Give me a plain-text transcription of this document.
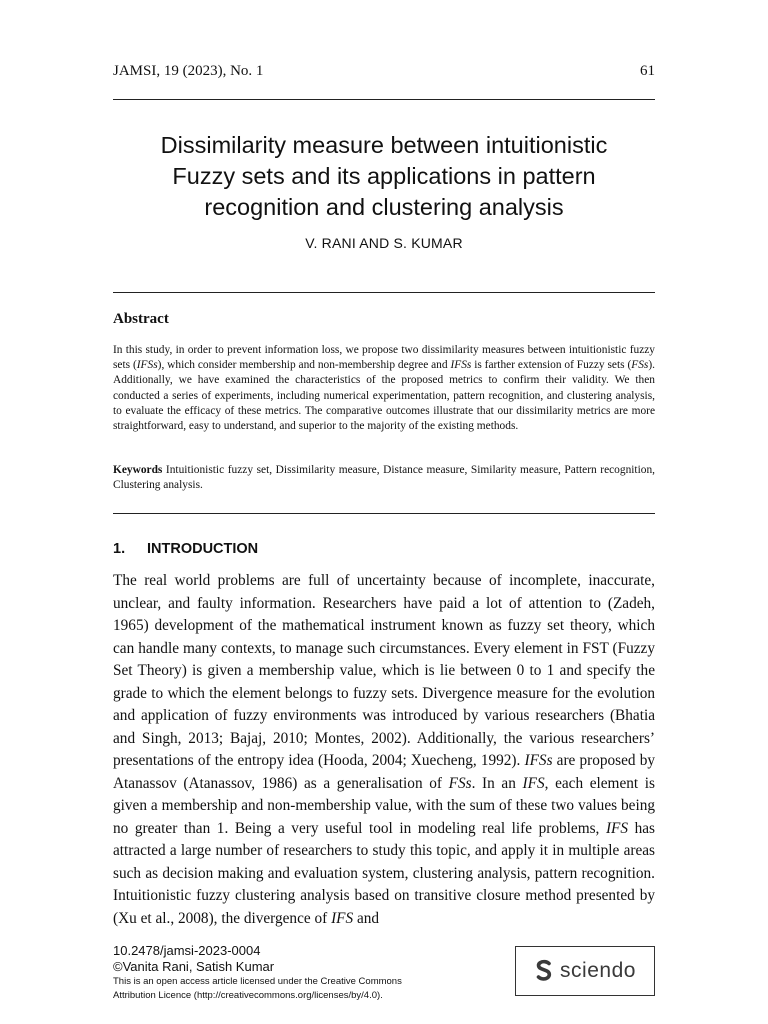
JAMSI, 19 (2023), No. 1	61
Dissimilarity measure between intuitionistic
Fuzzy sets and its applications in pattern
recognition and clustering analysis
V. RANI AND S. KUMAR
Abstract
In this study, in order to prevent information loss, we propose two dissimilarity measures between intuitionistic fuzzy sets (IFSs), which consider membership and non-membership degree and IFSs is farther extension of Fuzzy sets (FSs). Additionally, we have examined the characteristics of the proposed metrics to confirm their validity. We then conducted a series of experiments, including numerical experimentation, pattern recognition, and clustering analysis, to evaluate the efficacy of these metrics. The comparative outcomes illustrate that our dissimilarity metrics are more straightforward, easy to understand, and superior to the majority of the existing methods.
Keywords Intuitionistic fuzzy set, Dissimilarity measure, Distance measure, Similarity measure, Pattern recognition, Clustering analysis.
1. INTRODUCTION
The real world problems are full of uncertainty because of incomplete, inaccurate, unclear, and faulty information. Researchers have paid a lot of attention to (Zadeh, 1965) development of the mathematical instrument known as fuzzy set theory, which can handle many contexts, to manage such circumstances. Every element in FST (Fuzzy Set Theory) is given a membership value, which is lie between 0 to 1 and specify the grade to which the element belongs to fuzzy sets. Divergence measure for the evolution and application of fuzzy environments was introduced by various researchers (Bhatia and Singh, 2013; Bajaj, 2010; Montes, 2002). Additionally, the various researchers’ presentations of the entropy idea (Hooda, 2004; Xuecheng, 1992). IFSs are proposed by Atanassov (Atanassov, 1986) as a generalisation of FSs. In an IFS, each element is given a membership and non-membership value, with the sum of these two values being no greater than 1. Being a very useful tool in modeling real life problems, IFS has attracted a large number of researchers to study this topic, and apply it in multiple areas such as decision making and evaluation system, clustering analysis, pattern recognition. Intuitionistic fuzzy clustering analysis based on transitive closure method presented by (Xu et al., 2008), the divergence of IFS and
10.2478/jamsi-2023-0004
©Vanita Rani, Satish Kumar
This is an open access article licensed under the Creative Commons
Attribution Licence (http://creativecommons.org/licenses/by/4.0).
sciendo
